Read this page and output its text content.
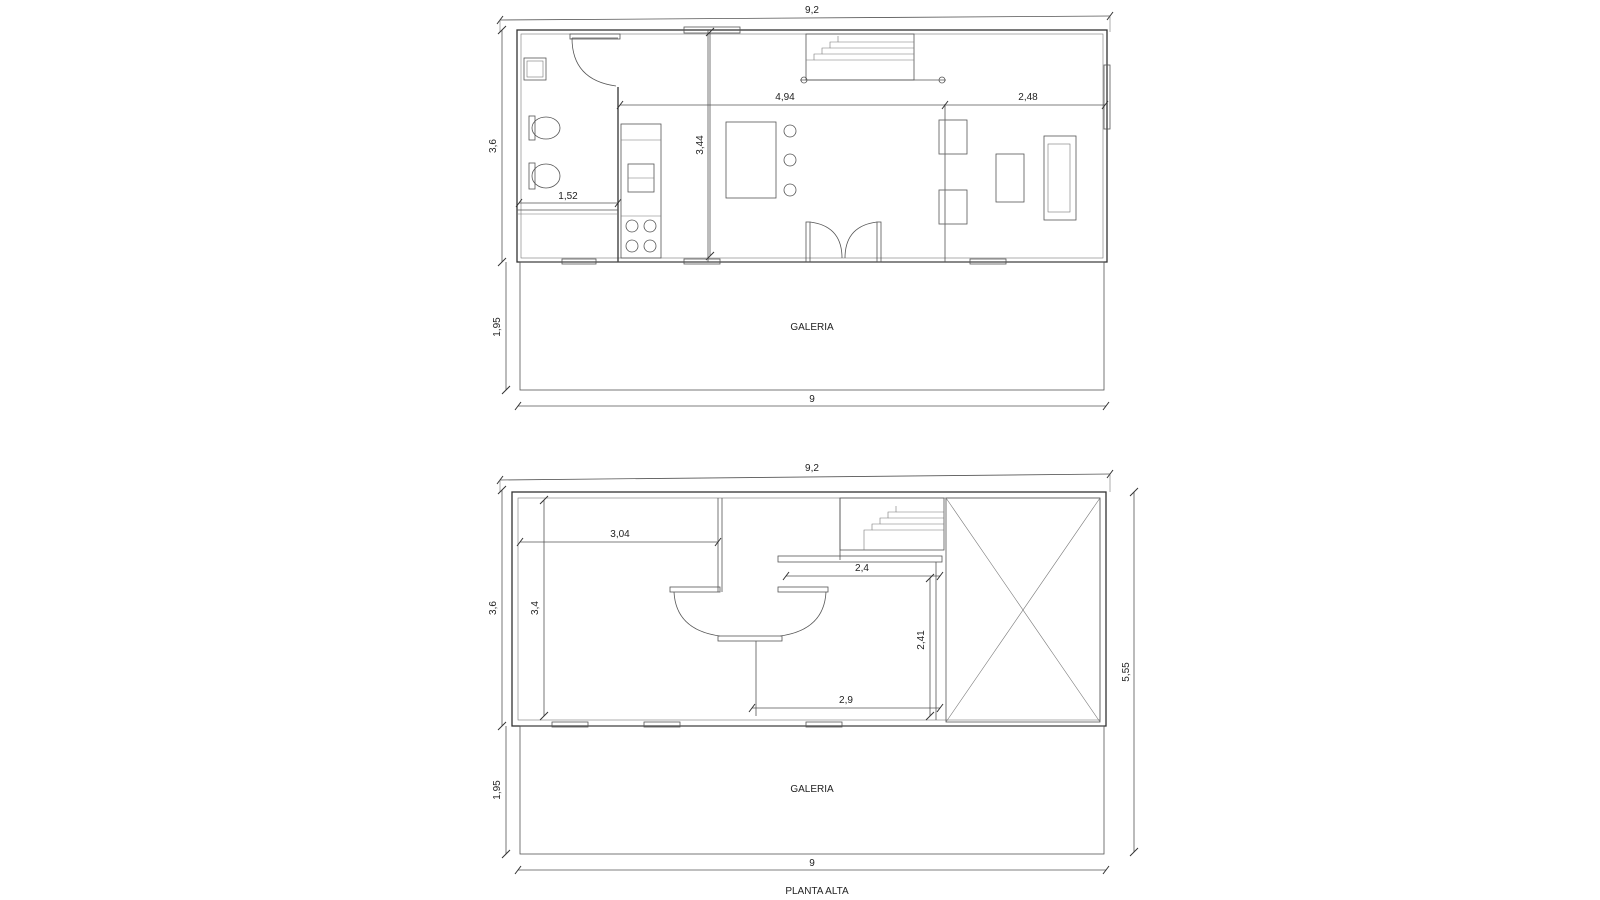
9,2
3,6
1,95
1,52
3,44
4,94	2,48
GALERIA
9
9,2
3,6
1,95
5,55
3,04
3,4
2,4
2,41
2,9
GALERIA
9
PLANTA ALTA
